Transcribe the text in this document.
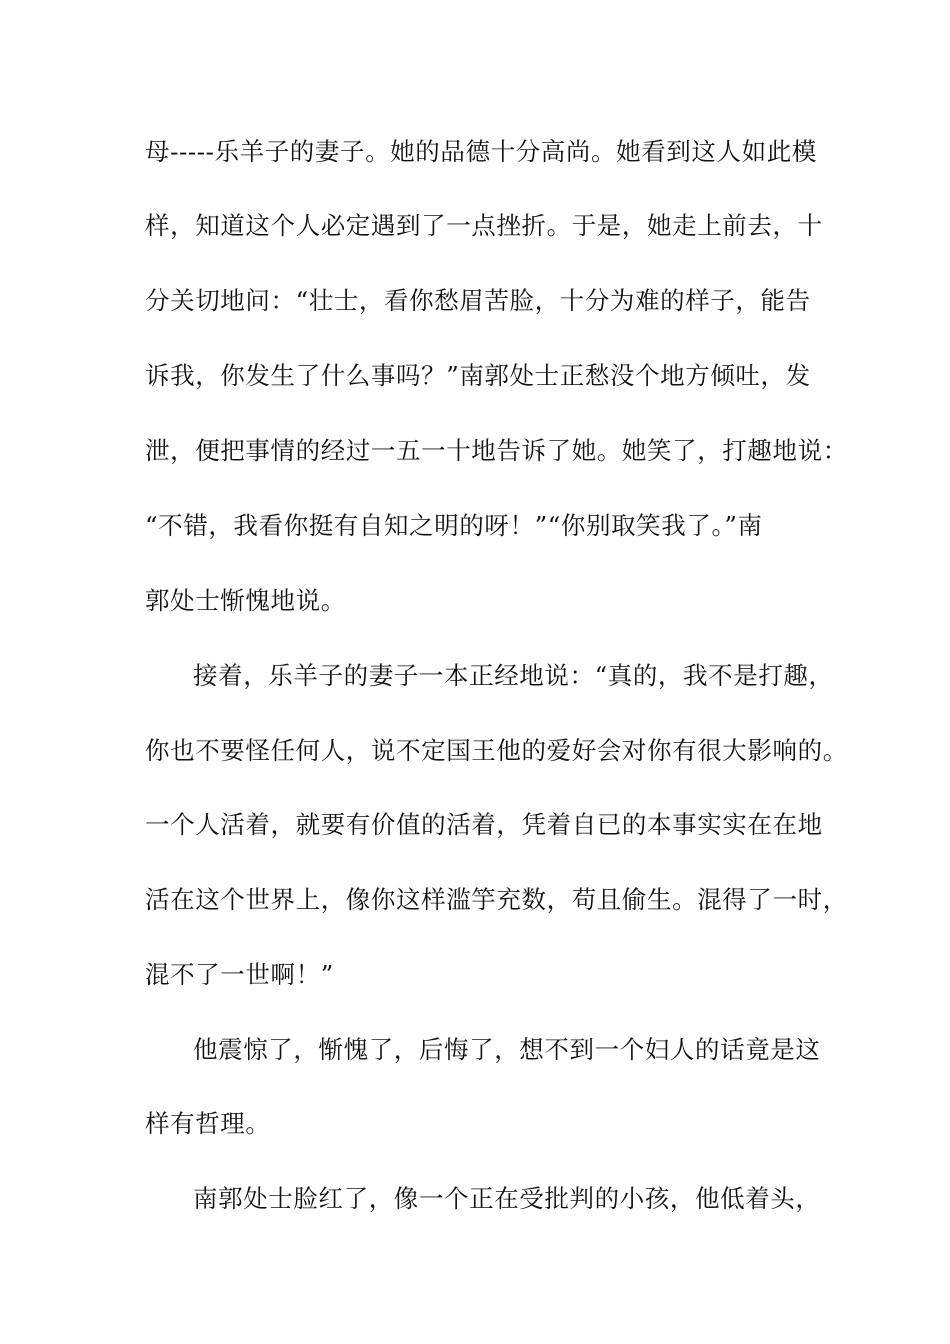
母-----乐羊子的妻子。她的品德十分高尚。她看到这人如此模
样，知道这个人必定遇到了一点挫折。于是，她走上前去，十
分关切地问：“壮士，看你愁眉苦脸，十分为难的样子，能告
诉我，你发生了什么事吗？”南郭处士正愁没个地方倾吐，发
泄，便把事情的经过一五一十地告诉了她。她笑了，打趣地说：
“不错，我看你挺有自知之明的呀！”“你别取笑我了。”南
郭处士惭愧地说。
接着，乐羊子的妻子一本正经地说：“真的，我不是打趣，
你也不要怪任何人，说不定国王他的爱好会对你有很大影响的。
一个人活着，就要有价值的活着，凭着自已的本事实实在在地
活在这个世界上，像你这样滥竽充数，苟且偷生。混得了一时，
混不了一世啊！”
他震惊了，惭愧了，后悔了，想不到一个妇人的话竟是这
样有哲理。
南郭处士脸红了，像一个正在受批判的小孩，他低着头，
